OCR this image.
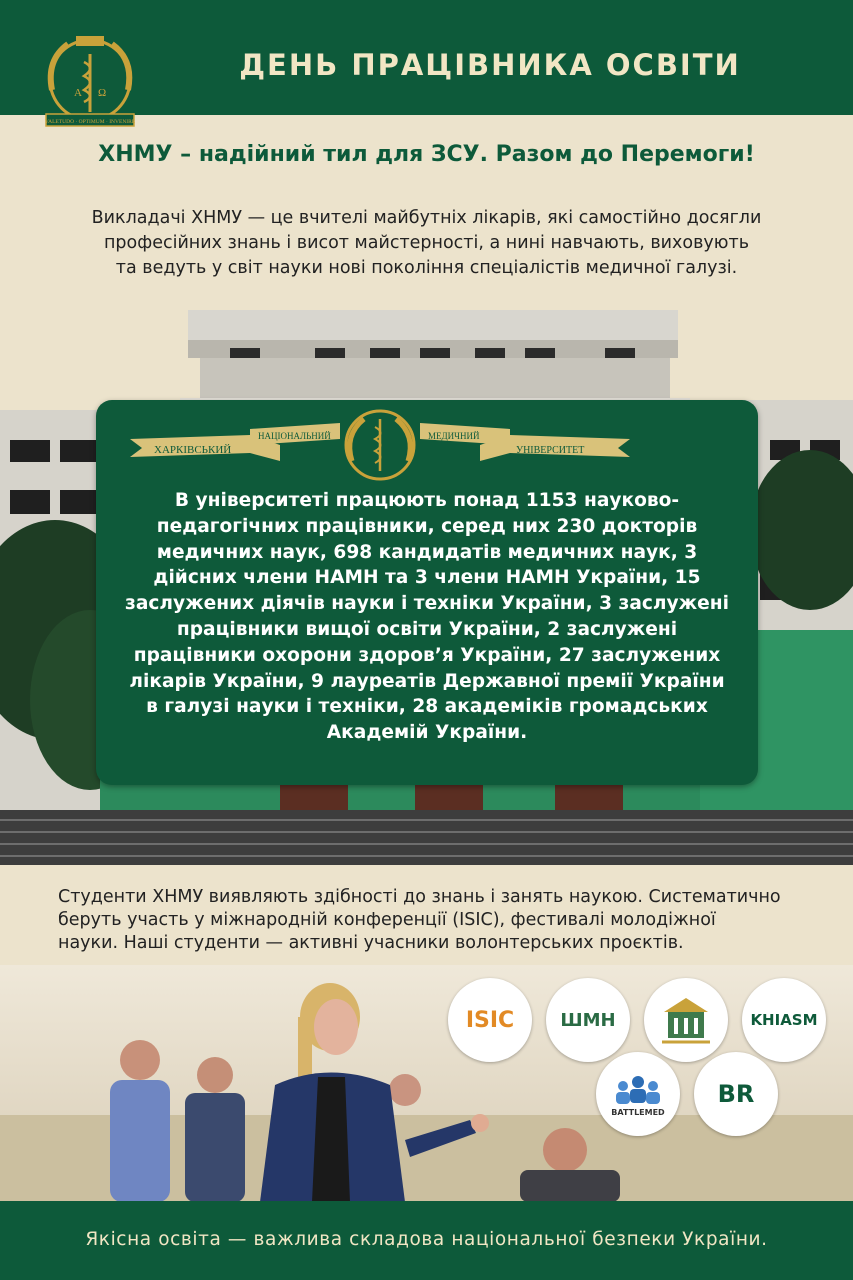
A Ω
VALETUDO · OPTIMUM · INVENIRE
ДЕНЬ ПРАЦІВНИКА ОСВІТИ
ХНМУ – надійний тил для ЗСУ. Разом до Перемоги!
Викладачі ХНМУ — це вчителі майбутніх лікарів, які самостійно досягли
професійних знань і висот майстерності, а нині навчають, виховують
та ведуть у світ науки нові покоління спеціалістів медичної галузі.
ХАРКІВСЬКИЙ
НАЦІОНАЛЬНИЙ	МЕДИЧНИЙ
УНІВЕРСИТЕТ
В університеті працюють понад 1153 науково-
педагогічних працівники, серед них 230 докторів
медичних наук, 698 кандидатів медичних наук, 3
дійсних члени НАМН та 3 члени НАМН України, 15
заслужених діячів науки і техніки України, 3 заслужені
працівники вищої освіти України, 2 заслужені
працівники охорони здоров’я України, 27 заслужених
лікарів України, 9 лауреатів Державної премії України
в галузі науки і техніки, 28 академіків громадських
Академій України.
Студенти ХНМУ виявляють здібності до знань і занять наукою. Систематично
беруть участь у міжнародній конференції (ISIC), фестивалі молодіжної
науки. Наші студенти — активні учасники волонтерських проєктів.
ISIC	ШМН	KHIASM
BATTLEMED
BR
Якісна освіта — важлива складова національної безпеки України.
